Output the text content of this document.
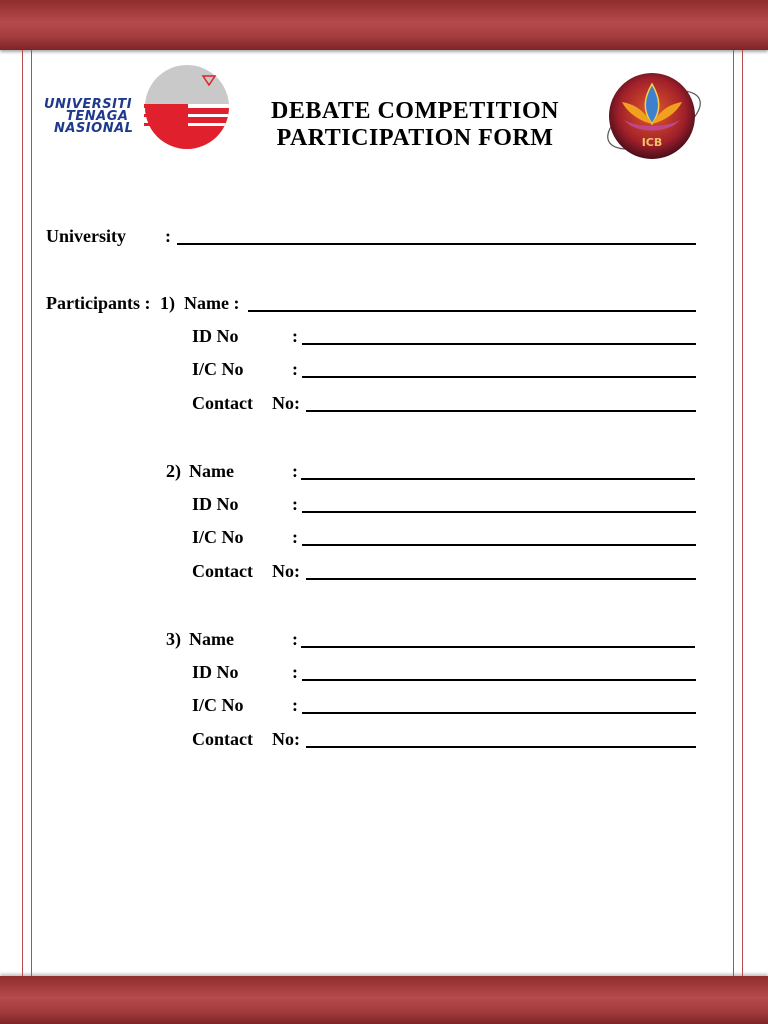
UNIVERSITI
TENAGA
NASIONAL
DEBATE COMPETITION
PARTICIPATION FORM	ICB
University :
Participants : 1) Name :
ID No	:
I/C No	:
Contact No:
2) Name	:
ID No	:
I/C No	:
Contact No:
3) Name	:
ID No	:
I/C No	:
Contact No:
